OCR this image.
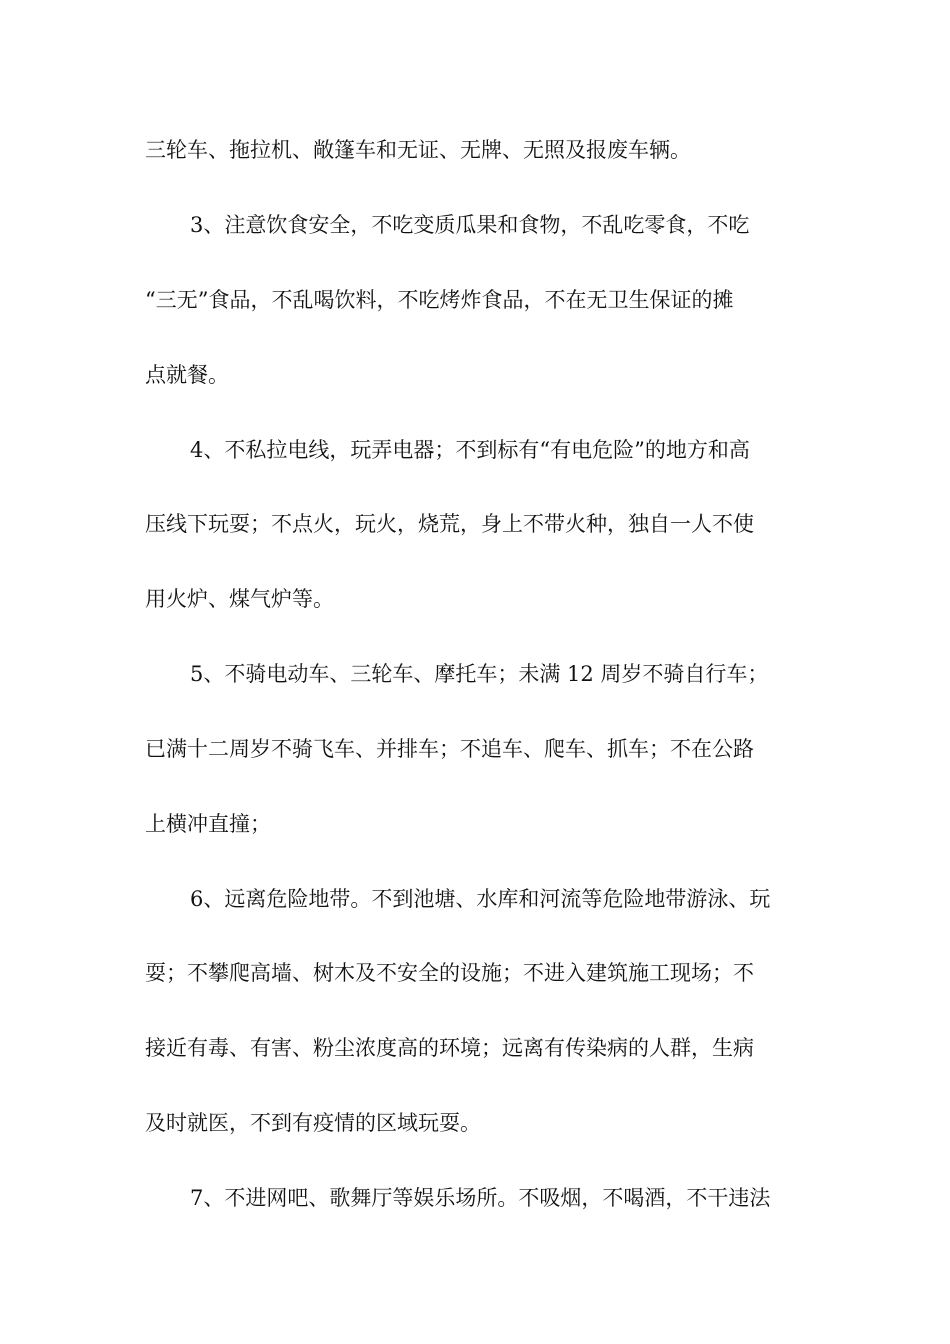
三轮车、拖拉机、敞篷车和无证、无牌、无照及报废车辆。

3、注意饮食安全，不吃变质瓜果和食物，不乱吃零食，不吃

“三无”食品，不乱喝饮料，不吃烤炸食品，不在无卫生保证的摊

点就餐。

4、不私拉电线，玩弄电器；不到标有“有电危险”的地方和高

压线下玩耍；不点火，玩火，烧荒，身上不带火种，独自一人不使

用火炉、煤气炉等。

5、不骑电动车、三轮车、摩托车；未满 12 周岁不骑自行车；

已满十二周岁不骑飞车、并排车；不追车、爬车、抓车；不在公路

上横冲直撞；

6、远离危险地带。不到池塘、水库和河流等危险地带游泳、玩

耍；不攀爬高墙、树木及不安全的设施；不进入建筑施工现场；不

接近有毒、有害、粉尘浓度高的环境；远离有传染病的人群，生病

及时就医，不到有疫情的区域玩耍。

7、不进网吧、歌舞厅等娱乐场所。不吸烟，不喝酒，不干违法
